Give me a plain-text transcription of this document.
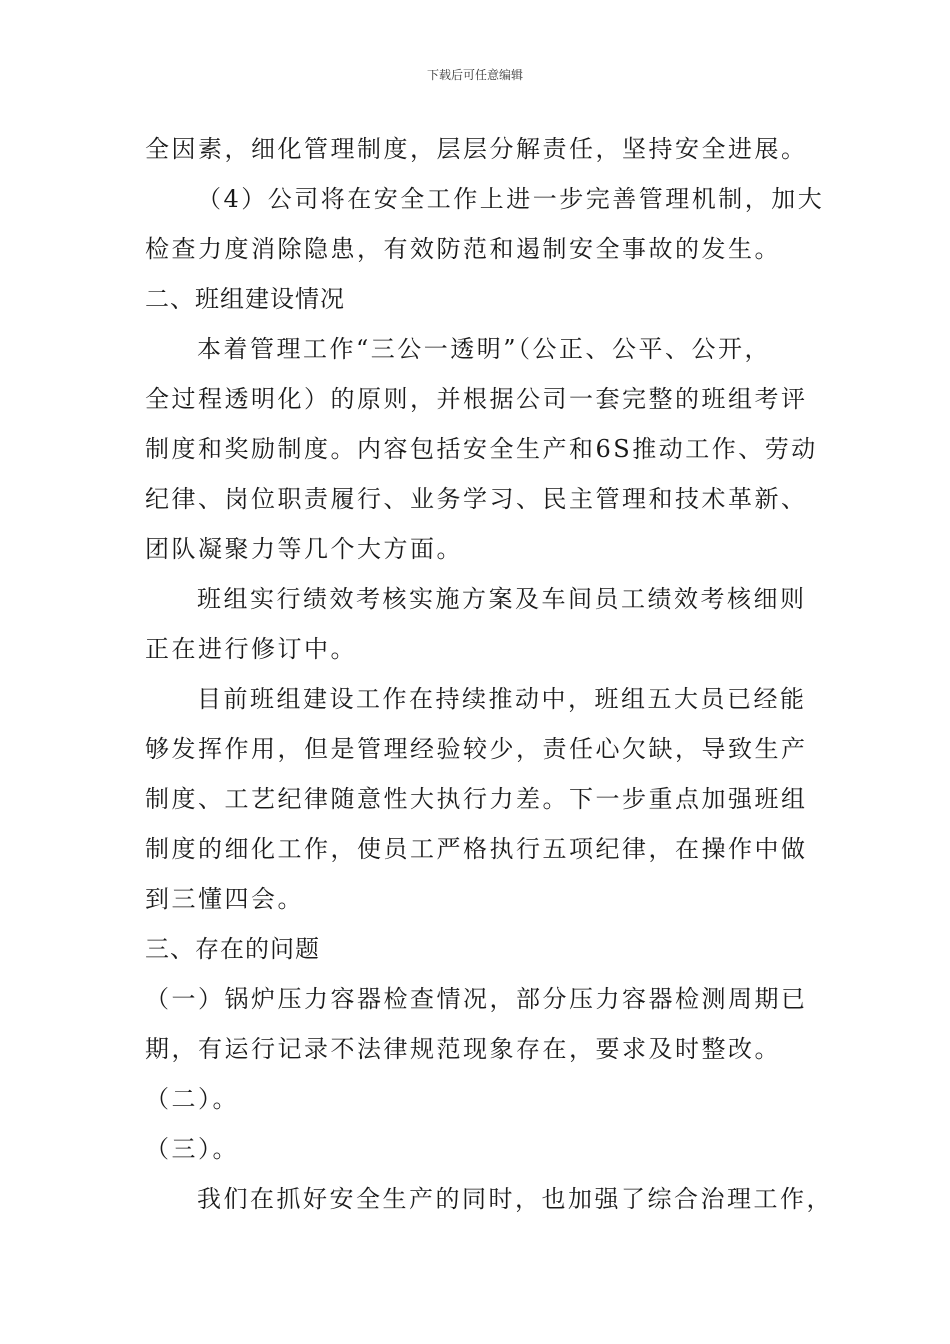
下载后可任意编辑
全因素，细化管理制度，层层分解责任，坚持安全进展。
（4）公司将在安全工作上进一步完善管理机制，加大
检查力度消除隐患，有效防范和遏制安全事故的发生。
二、班组建设情况
本着管理工作“三公一透明”（公正、公平、公开，
全过程透明化）的原则，并根据公司一套完整的班组考评
制度和奖励制度。内容包括安全生产和6S推动工作、劳动
纪律、岗位职责履行、业务学习、民主管理和技术革新、
团队凝聚力等几个大方面。
班组实行绩效考核实施方案及车间员工绩效考核细则
正在进行修订中。
目前班组建设工作在持续推动中，班组五大员已经能
够发挥作用，但是管理经验较少，责任心欠缺，导致生产
制度、工艺纪律随意性大执行力差。下一步重点加强班组
制度的细化工作，使员工严格执行五项纪律，在操作中做
到三懂四会。
三、存在的问题
（一）锅炉压力容器检查情况，部分压力容器检测周期已
期，有运行记录不法律规范现象存在，要求及时整改。
（二）。
（三）。
我们在抓好安全生产的同时，也加强了综合治理工作，
